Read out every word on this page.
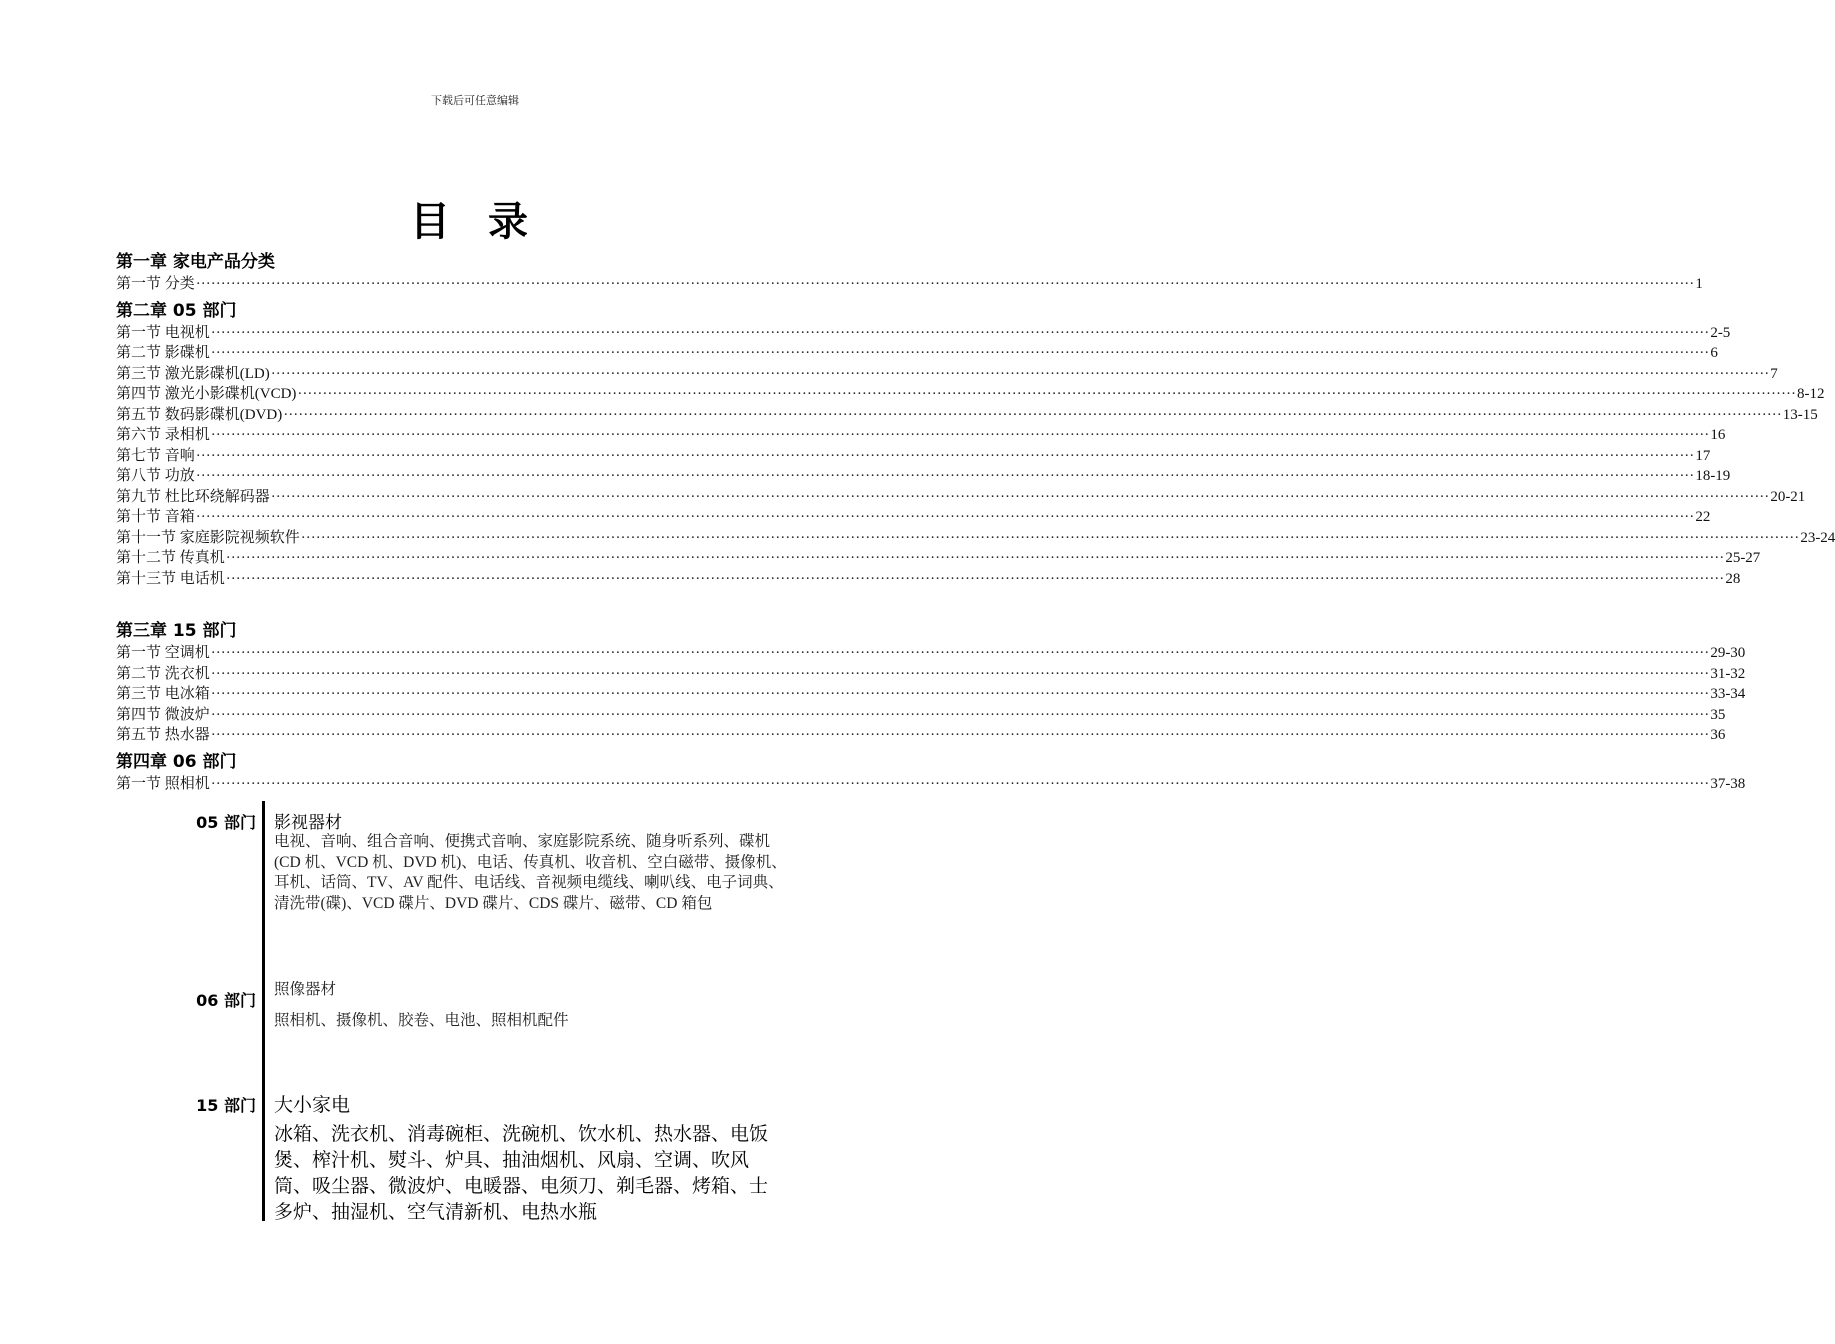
下载后可任意编辑
目 录
第一章 家电产品分类
第一节 分类 ············································································································································································································································································································ 1
第二章 05 部门
第一节 电视机 ············································································································································································································································································································ 2-5
第二节 影碟机 ············································································································································································································································································································ 6
第三节 激光影碟机(LD) ············································································································································································································································································································ 7
第四节 激光小影碟机(VCD) ············································································································································································································································································································ 8-12
第五节 数码影碟机(DVD) ············································································································································································································································································································ 13-15
第六节 录相机 ············································································································································································································································································································ 16
第七节 音响 ············································································································································································································································································································ 17
第八节 功放 ············································································································································································································································································································ 18-19
第九节 杜比环绕解码器 ············································································································································································································································································································ 20-21
第十节 音箱 ············································································································································································································································································································ 22
第十一节 家庭影院视频软件 ············································································································································································································································································································ 23-24
第十二节 传真机 ············································································································································································································································································································ 25-27
第十三节 电话机 ············································································································································································································································································································ 28
第三章 15 部门
第一节 空调机 ············································································································································································································································································································ 29-30
第二节 洗衣机 ············································································································································································································································································································ 31-32
第三节 电冰箱 ············································································································································································································································································································ 33-34
第四节 微波炉 ············································································································································································································································································································ 35
第五节 热水器 ············································································································································································································································································································ 36
第四章 06 部门
第一节 照相机 ············································································································································································································································································································ 37-38
05 部门 影视器材
电视、音响、组合音响、便携式音响、家庭影院系统、随身听系列、碟机(CD 机、VCD 机、DVD 机)、电话、传真机、收音机、空白磁带、摄像机、耳机、话筒、TV、AV 配件、电话线、音视频电缆线、喇叭线、电子词典、清洗带(碟)、VCD 碟片、DVD 碟片、CDS 碟片、磁带、CD 箱包
06 部门
照像器材
照相机、摄像机、胶卷、电池、照相机配件
15 部门 大小家电
冰箱、洗衣机、消毒碗柜、洗碗机、饮水机、热水器、电饭煲、榨汁机、熨斗、炉具、抽油烟机、风扇、空调、吹风筒、吸尘器、微波炉、电暖器、电须刀、剃毛器、烤箱、士多炉、抽湿机、空气清新机、电热水瓶
